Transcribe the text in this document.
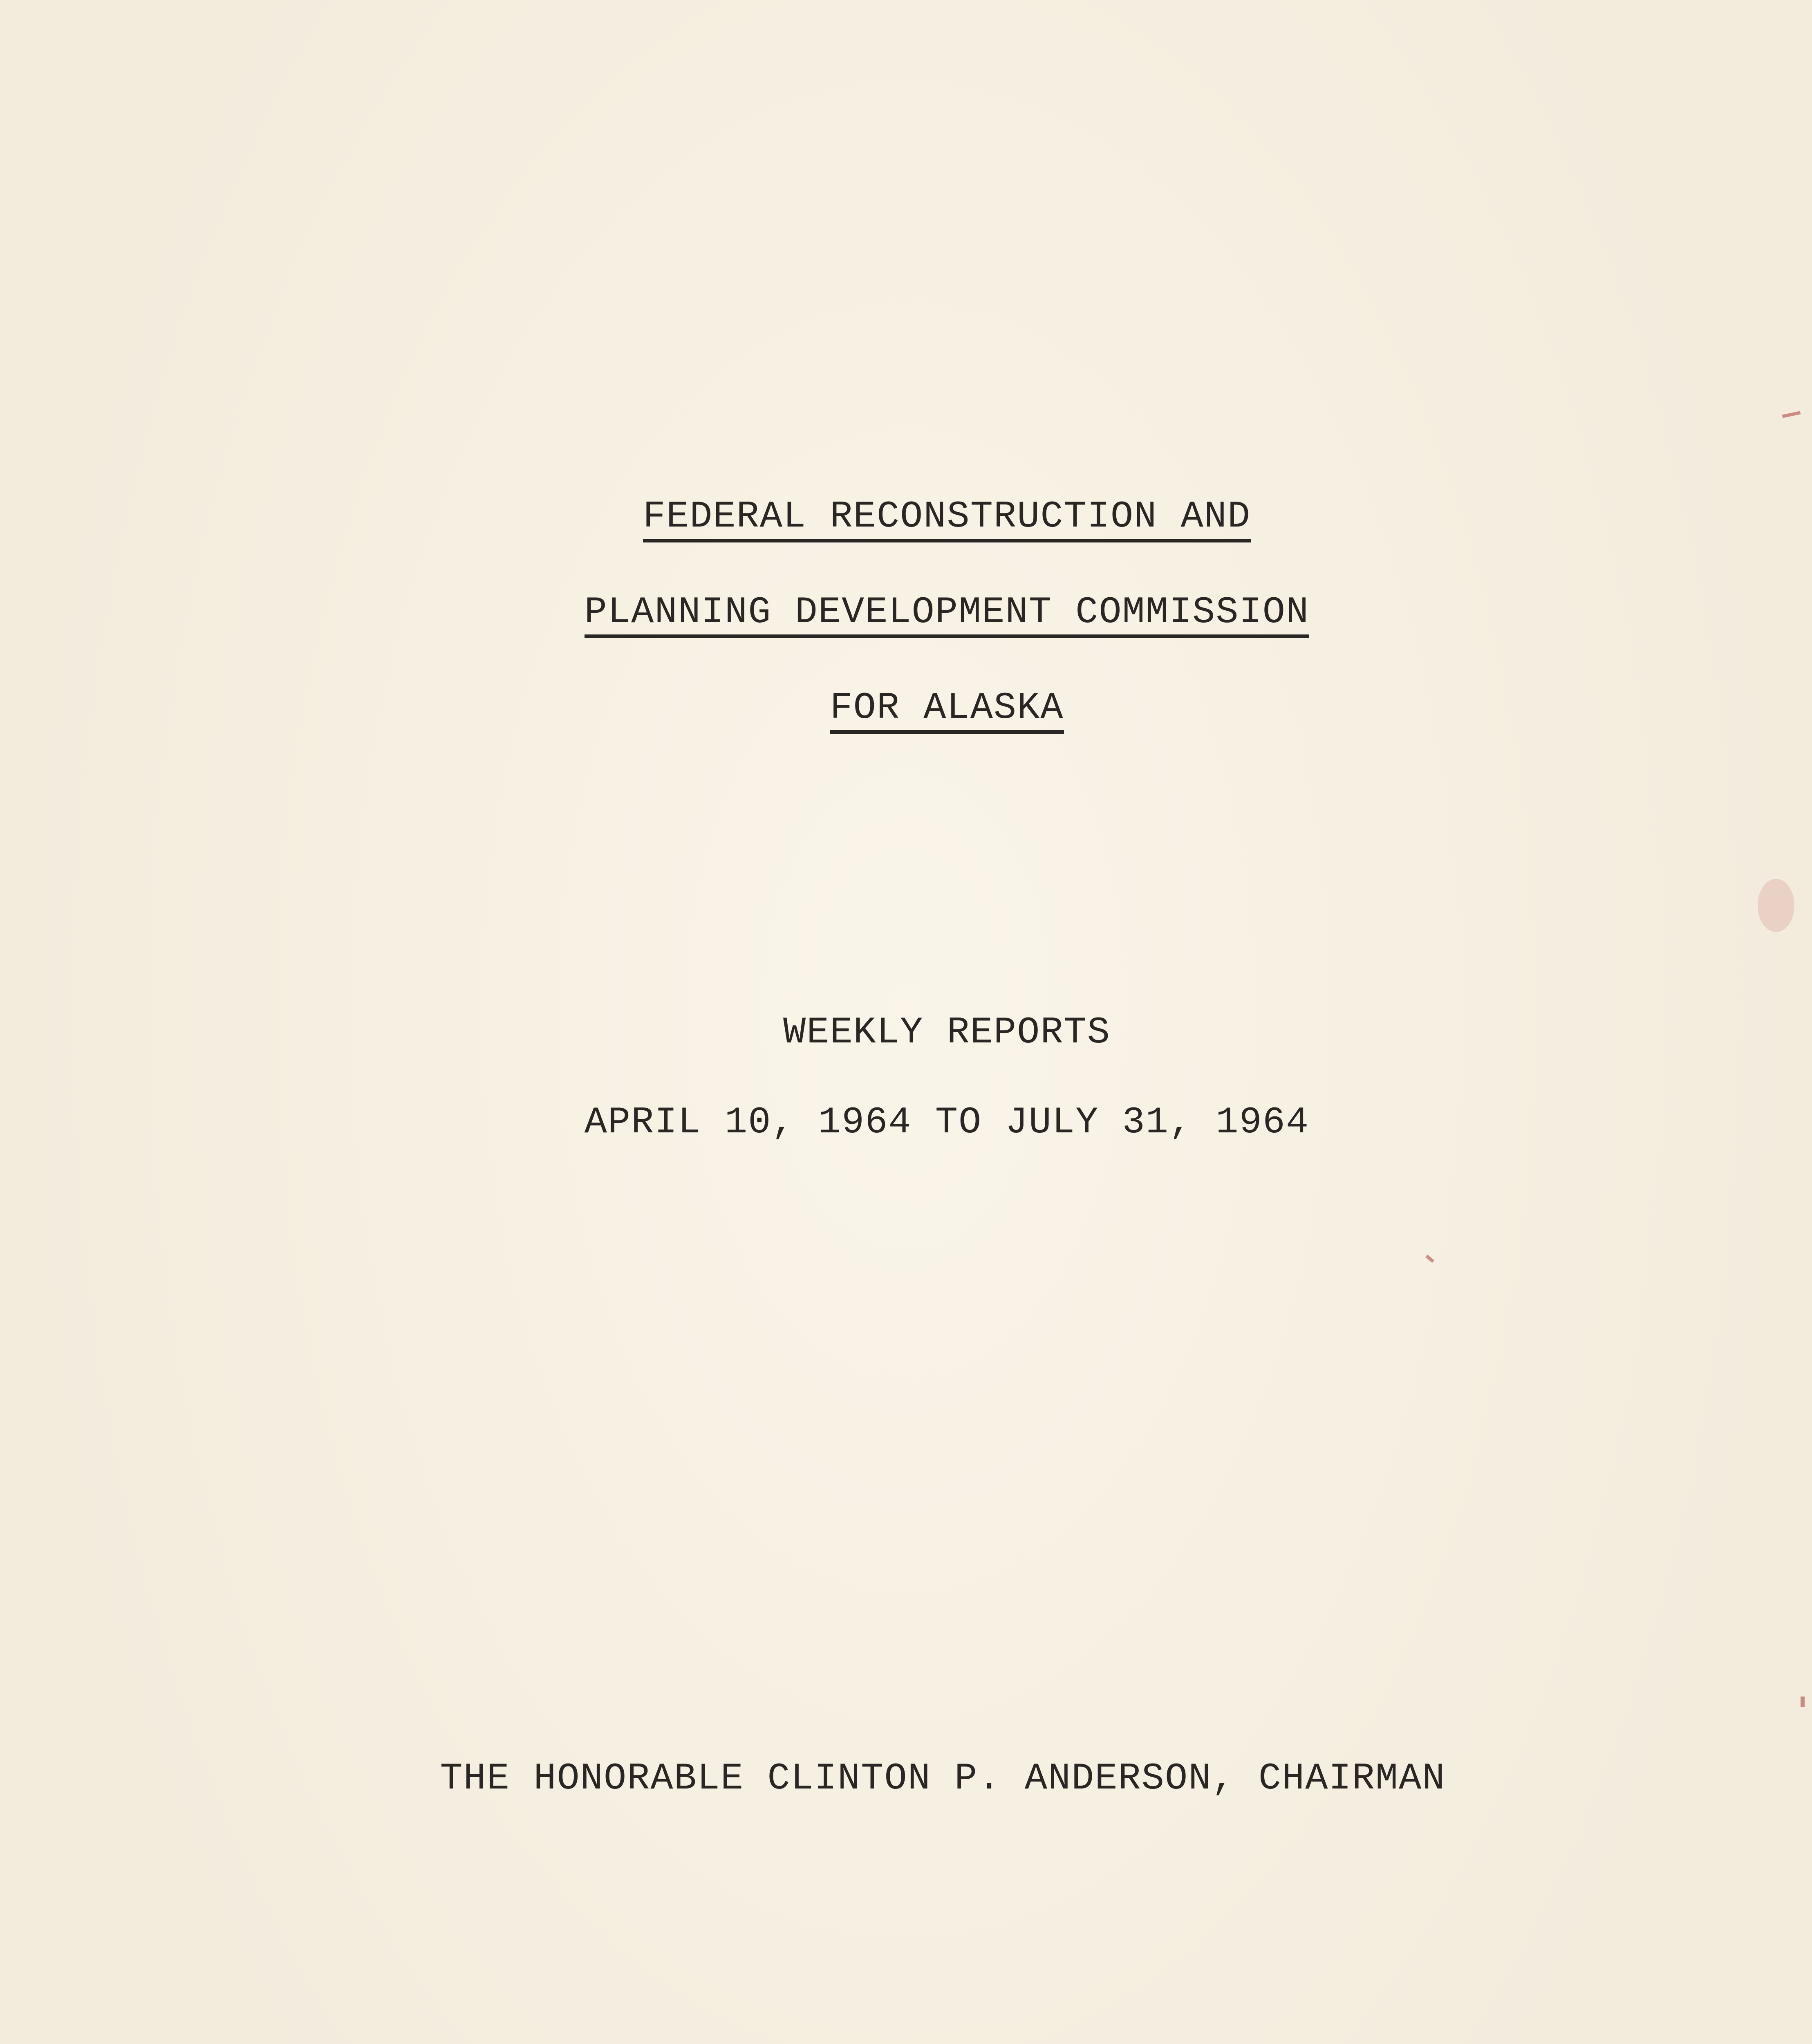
FEDERAL RECONSTRUCTION AND
PLANNING DEVELOPMENT COMMISSION
FOR ALASKA
WEEKLY REPORTS
APRIL 10, 1964 TO JULY 31, 1964
THE HONORABLE CLINTON P. ANDERSON, CHAIRMAN
